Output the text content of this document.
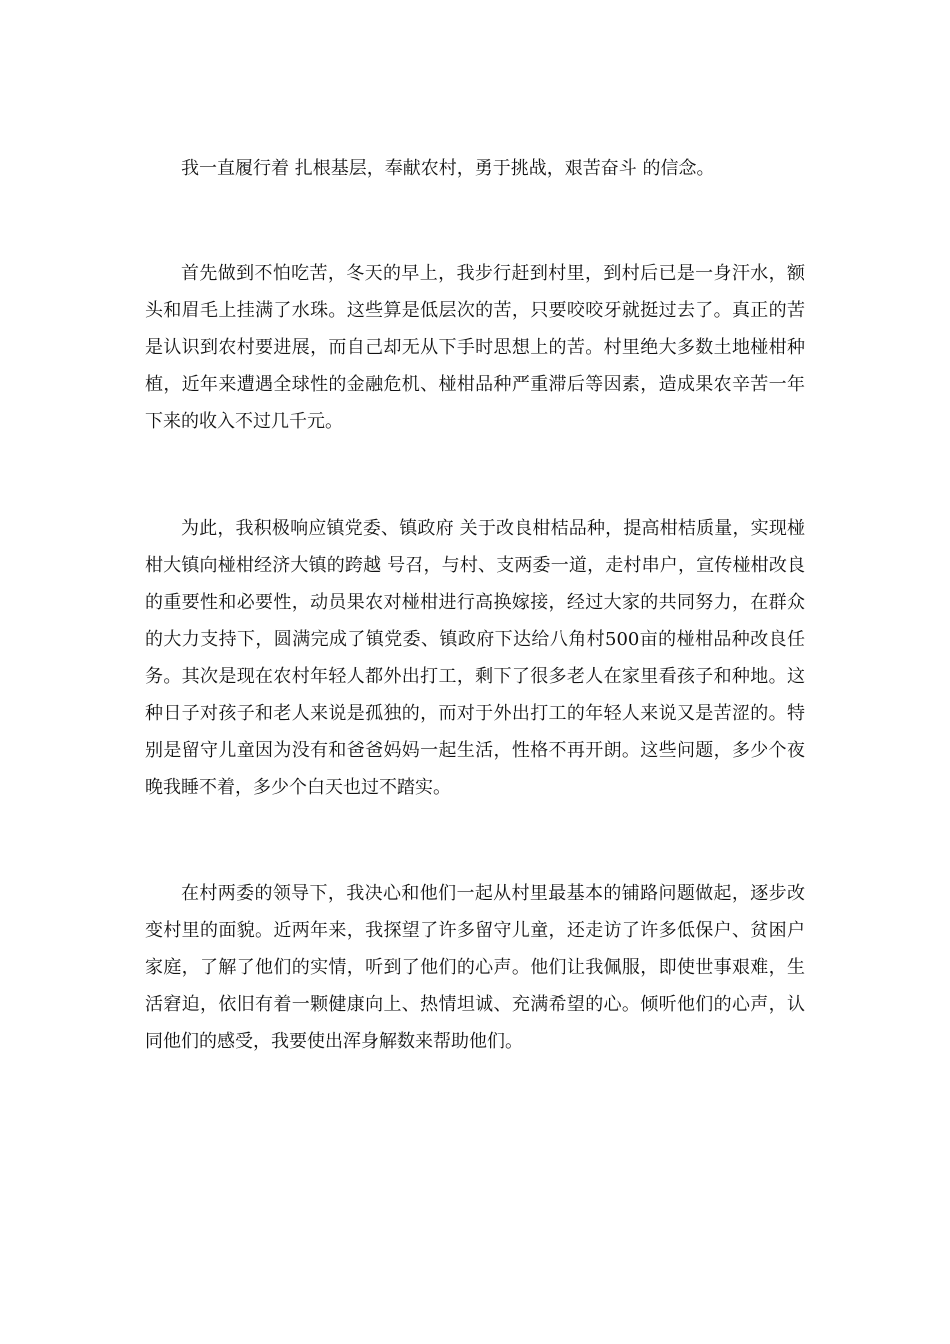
我一直履行着 扎根基层，奉献农村，勇于挑战，艰苦奋斗 的信念。

首先做到不怕吃苦，冬天的早上，我步行赶到村里，到村后已是一身汗水，额头和眉毛上挂满了水珠。这些算是低层次的苦，只要咬咬牙就挺过去了。真正的苦是认识到农村要进展，而自己却无从下手时思想上的苦。村里绝大多数土地椪柑种植，近年来遭遇全球性的金融危机、椪柑品种严重滞后等因素，造成果农辛苦一年下来的收入不过几千元。

为此，我积极响应镇党委、镇政府 关于改良柑桔品种，提高柑桔质量，实现椪柑大镇向椪柑经济大镇的跨越 号召，与村、支两委一道，走村串户，宣传椪柑改良的重要性和必要性，动员果农对椪柑进行高换嫁接，经过大家的共同努力，在群众的大力支持下，圆满完成了镇党委、镇政府下达给八角村500亩的椪柑品种改良任务。其次是现在农村年轻人都外出打工，剩下了很多老人在家里看孩子和种地。这种日子对孩子和老人来说是孤独的，而对于外出打工的年轻人来说又是苦涩的。特别是留守儿童因为没有和爸爸妈妈一起生活，性格不再开朗。这些问题，多少个夜晚我睡不着，多少个白天也过不踏实。

在村两委的领导下，我决心和他们一起从村里最基本的铺路问题做起，逐步改变村里的面貌。近两年来，我探望了许多留守儿童，还走访了许多低保户、贫困户家庭，了解了他们的实情，听到了他们的心声。他们让我佩服，即使世事艰难，生活窘迫，依旧有着一颗健康向上、热情坦诚、充满希望的心。倾听他们的心声，认同他们的感受，我要使出浑身解数来帮助他们。
